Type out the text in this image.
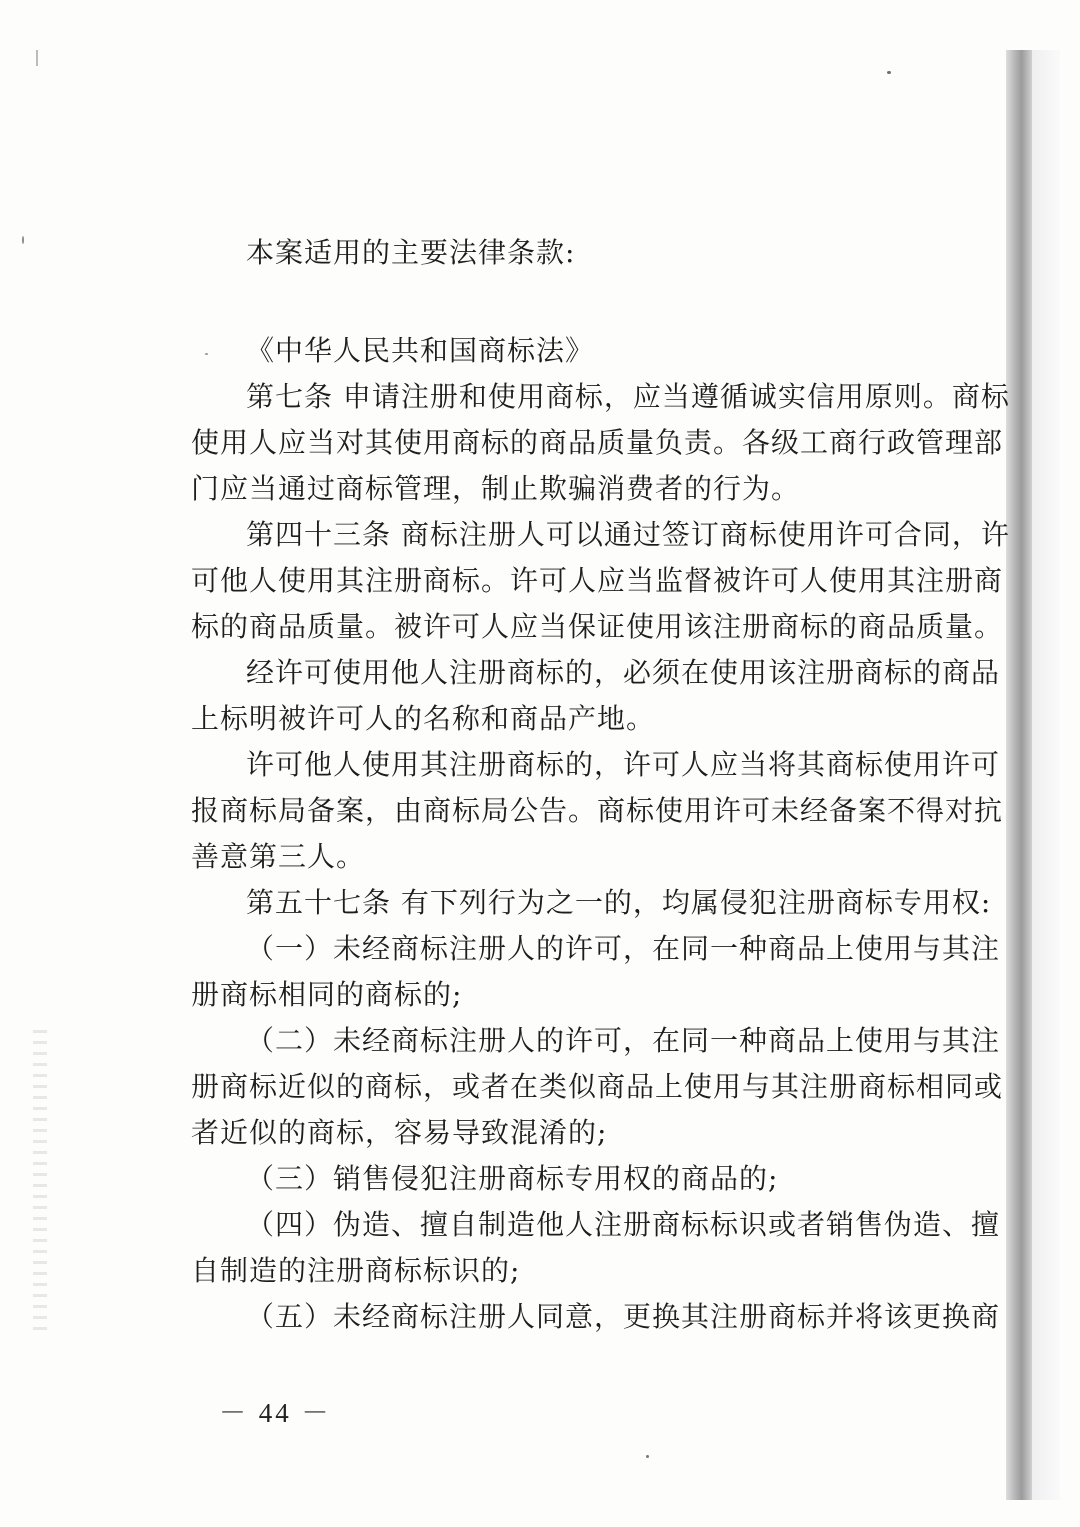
本案适用的主要法律条款:
《中华人民共和国商标法》
第七条 申请注册和使用商标，应当遵循诚实信用原则。商标
使用人应当对其使用商标的商品质量负责。各级工商行政管理部
门应当通过商标管理，制止欺骗消费者的行为。
第四十三条 商标注册人可以通过签订商标使用许可合同，许
可他人使用其注册商标。许可人应当监督被许可人使用其注册商
标的商品质量。被许可人应当保证使用该注册商标的商品质量。
经许可使用他人注册商标的，必须在使用该注册商标的商品
上标明被许可人的名称和商品产地。
许可他人使用其注册商标的，许可人应当将其商标使用许可
报商标局备案，由商标局公告。商标使用许可未经备案不得对抗
善意第三人。
第五十七条 有下列行为之一的，均属侵犯注册商标专用权:
（一）未经商标注册人的许可，在同一种商品上使用与其注
册商标相同的商标的;
（二）未经商标注册人的许可，在同一种商品上使用与其注
册商标近似的商标，或者在类似商品上使用与其注册商标相同或
者近似的商标，容易导致混淆的;
（三）销售侵犯注册商标专用权的商品的;
（四）伪造、擅自制造他人注册商标标识或者销售伪造、擅
自制造的注册商标标识的;
（五）未经商标注册人同意，更换其注册商标并将该更换商
－ 44 －
